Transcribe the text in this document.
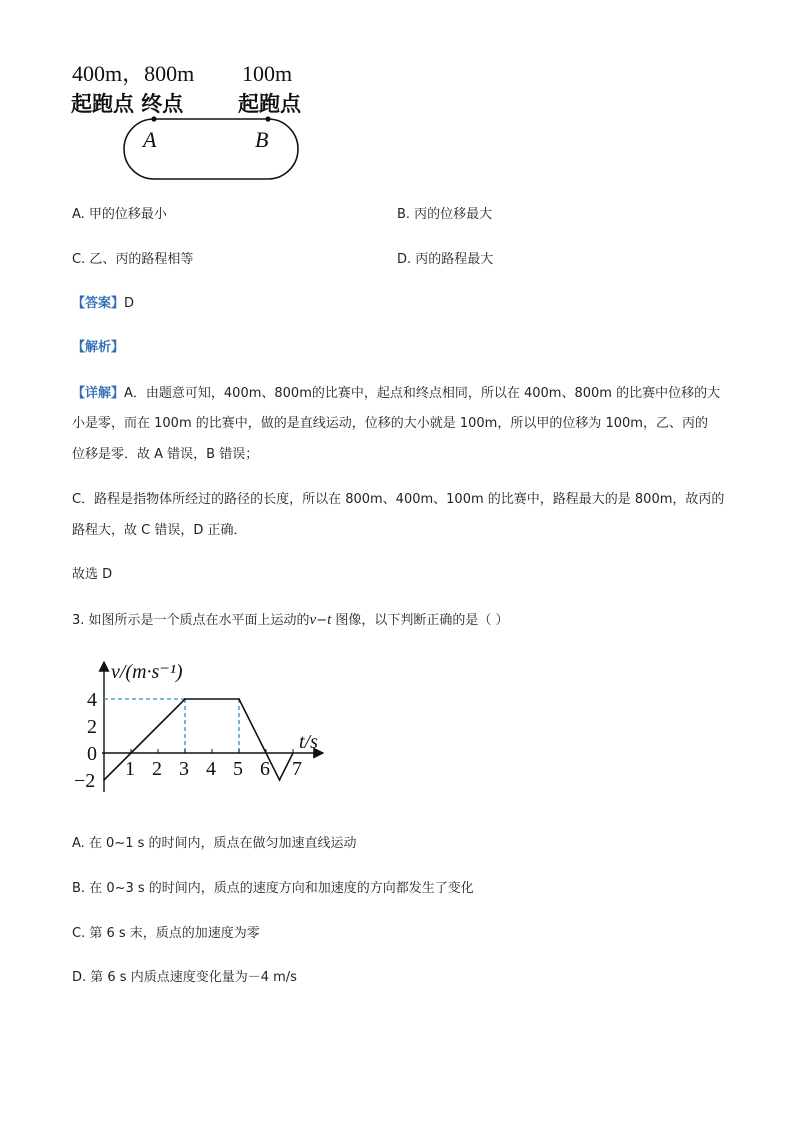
400m，800m 100m
起跑点 终点	起跑点
A	B
A. 甲的位移最小	B. 丙的位移最大
C. 乙、丙的路程相等	D. 丙的路程最大
【答案】D
【解析】
【详解】A．由题意可知，400m、800m的比赛中，起点和终点相同，所以在 400m、800m 的比赛中位移的大
小是零，而在 100m 的比赛中，做的是直线运动，位移的大小就是 100m，所以甲的位移为 100m，乙、丙的
位移是零．故 A 错误，B 错误；
C．路程是指物体所经过的路径的长度，所以在 800m、400m、100m 的比赛中，路程最大的是 800m，故丙的
路程大，故 C 错误，D 正确．
故选 D
3. 如图所示是一个质点在水平面上运动的v−t 图像，以下判断正确的是（ ）
1 2 3 4 5 6 7
4
2
0
−2
v/(m·s⁻¹)
t/s
A. 在 0~1 s 的时间内，质点在做匀加速直线运动
B. 在 0~3 s 的时间内，质点的速度方向和加速度的方向都发生了变化
C. 第 6 s 末，质点的加速度为零
D. 第 6 s 内质点速度变化量为－4 m/s
